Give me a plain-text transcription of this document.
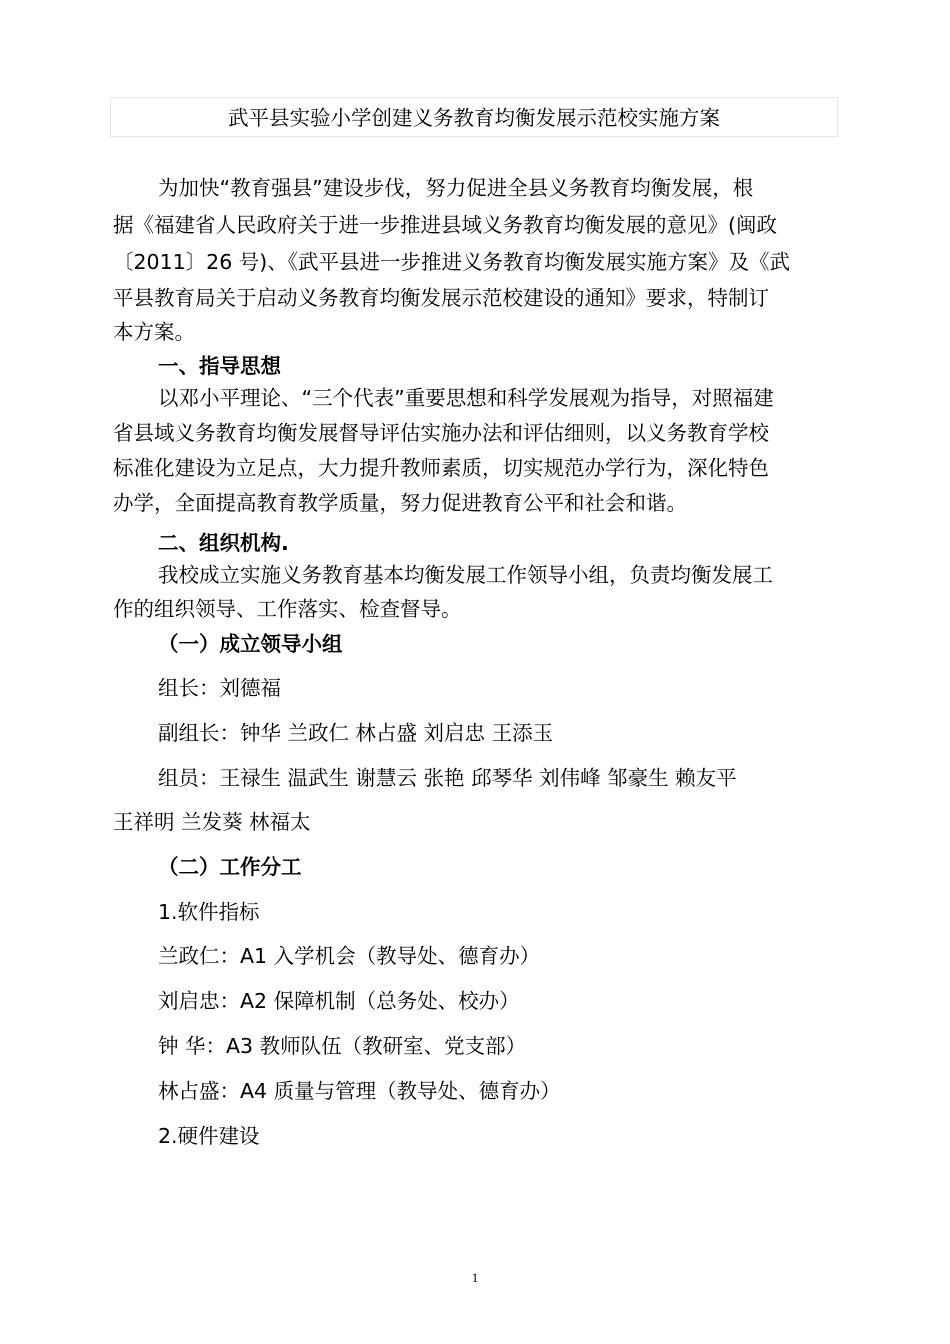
武平县实验小学创建义务教育均衡发展示范校实施方案
为加快“教育强县”建设步伐，努力促进全县义务教育均衡发展，根
据《福建省人民政府关于进一步推进县域义务教育均衡发展的意见》(闽政
〔2011〕26 号)、《武平县进一步推进义务教育均衡发展实施方案》及《武
平县教育局关于启动义务教育均衡发展示范校建设的通知》要求，特制订
本方案。
一、指导思想
以邓小平理论、“三个代表”重要思想和科学发展观为指导，对照福建
省县域义务教育均衡发展督导评估实施办法和评估细则，以义务教育学校
标准化建设为立足点，大力提升教师素质，切实规范办学行为，深化特色
办学，全面提高教育教学质量，努力促进教育公平和社会和谐。
二、组织机构.
我校成立实施义务教育基本均衡发展工作领导小组，负责均衡发展工
作的组织领导、工作落实、检查督导。
（一）成立领导小组
组长：刘德福
副组长：钟华 兰政仁 林占盛 刘启忠 王添玉
组员：王禄生 温武生 谢慧云 张艳 邱琴华 刘伟峰 邹豪生 赖友平
王祥明 兰发葵 林福太
（二）工作分工
1.软件指标
兰政仁：A1 入学机会（教导处、德育办）
刘启忠：A2 保障机制（总务处、校办）
钟 华：A3 教师队伍（教研室、党支部）
林占盛：A4 质量与管理（教导处、德育办）
2.硬件建设
1
